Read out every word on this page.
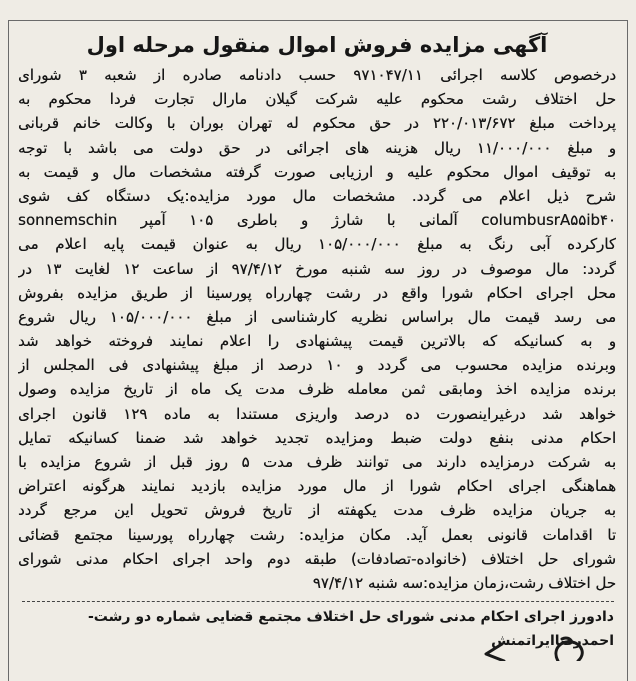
آگهی مزایده فروش اموال منقول مرحله اول
درخصوص کلاسه اجرائی ۹۷۱۰۴۷/۱۱ حسب دادنامه صادره از شعبه ۳ شورای
حل اختلاف رشت محکوم علیه شرکت گیلان مارال تجارت فردا محکوم به
پرداخت مبلغ ۲۲۰/۰۱۳/۶۷۲ در حق محکوم له تهران بوران با وکالت خانم قربانی
و مبلغ ۱۱/۰۰۰/۰۰۰ ریال هزینه های اجرائی در حق دولت می باشد با توجه
به توقیف اموال محکوم علیه و ارزیابی صورت گرفته مشخصات مال و قیمت به
شرح ذیل اعلام می گردد. مشخصات مال مورد مزایده:یک دستگاه کف شوی
columbusrA۵۵ib۴۰ آلمانی با شارژ و باطری ۱۰۵ آمپر sonnemschin
کارکرده آبی رنگ به مبلغ ۱۰۵/۰۰۰/۰۰۰ ریال به عنوان قیمت پایه اعلام می
گردد: مال موصوف در روز سه شنبه مورخ ۹۷/۴/۱۲ از ساعت ۱۲ لغایت ۱۳ در
محل اجرای احکام شورا واقع در رشت چهارراه پورسینا از طریق مزایده بفروش
می رسد قیمت مال براساس نظریه کارشناسی از مبلغ ۱۰۵/۰۰۰/۰۰۰ ریال شروع
و به کسانیکه که بالاترین قیمت پیشنهادی را اعلام نمایند فروخته خواهد شد
وبرنده مزایده محسوب می گردد و ۱۰ درصد از مبلغ پیشنهادی فی المجلس از
برنده مزایده اخذ ومابقی ثمن معامله ظرف مدت یک ماه از تاریخ مزایده وصول
خواهد شد درغیراینصورت ده درصد واریزی مستندا به ماده ۱۲۹ قانون اجرای
احکام مدنی بنفع دولت ضبط ومزایده تجدید خواهد شد ضمنا کسانیکه تمایل
به شرکت درمزایده دارند می توانند ظرف مدت ۵ روز قبل از شروع مزایده با
هماهنگی اجرای احکام شورا از مال مورد مزایده بازدید نمایند هرگونه اعتراض
به جریان مزایده ظرف مدت یکهفته از تاریخ فروش تحویل این مرجع گردد
تا اقدامات قانونی بعمل آید. مکان مزایده: رشت چهارراه پورسینا مجتمع قضائی
شورای حل اختلاف (خانواده-تصادفات) طبقه دوم واحد اجرای احکام مدنی شورای
حل اختلاف رشت،زمان مزایده:سه شنبه ۹۷/۴/۱۲
دادورز اجرای احکام مدنی شورای حل اختلاف مجتمع قضایی شماره دو رشت-
احمدرضاایراتمنش
